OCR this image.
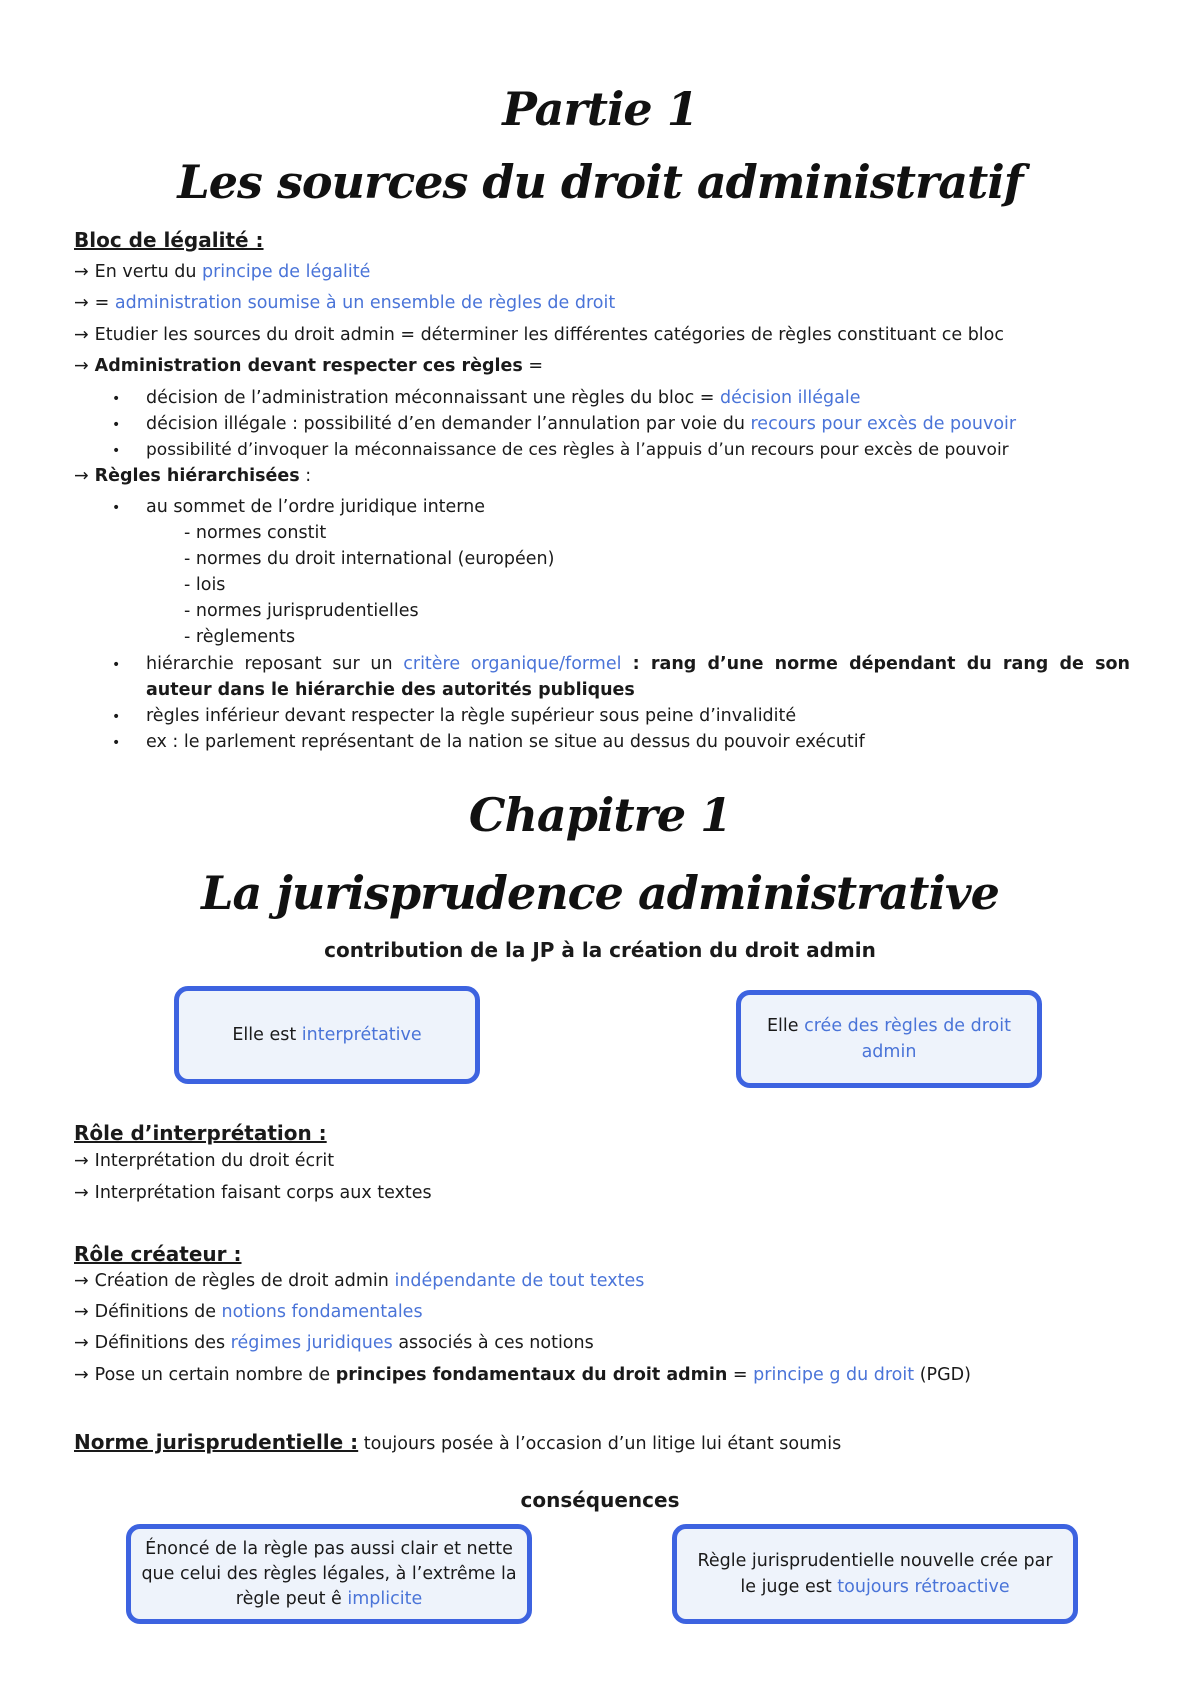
Partie 1
Les sources du droit administratif
Bloc de légalité :
→ En vertu du principe de légalité
→ = administration soumise à un ensemble de règles de droit
→ Etudier les sources du droit admin = déterminer les différentes catégories de règles constituant ce bloc
→ Administration devant respecter ces règles =
• décision de l’administration méconnaissant une règles du bloc = décision illégale
• décision illégale : possibilité d’en demander l’annulation par voie du recours pour excès de pouvoir
• possibilité d’invoquer la méconnaissance de ces règles à l’appuis d’un recours pour excès de pouvoir
→ Règles hiérarchisées :
• au sommet de l’ordre juridique interne
- normes constit
- normes du droit international (européen)
- lois
- normes jurisprudentielles
- règlements
• hiérarchie reposant sur un critère organique/formel : rang d’une norme dépendant du rang de son auteur dans le hiérarchie des autorités publiques
• règles inférieur devant respecter la règle supérieur sous peine d’invalidité
• ex : le parlement représentant de la nation se situe au dessus du pouvoir exécutif
Chapitre 1
La jurisprudence administrative
contribution de la JP à la création du droit admin
Elle est interprétative	Elle crée des règles de droit admin
Rôle d’interprétation :
→ Interprétation du droit écrit
→ Interprétation faisant corps aux textes
Rôle créateur :
→ Création de règles de droit admin indépendante de tout textes
→ Définitions de notions fondamentales
→ Définitions des régimes juridiques associés à ces notions
→ Pose un certain nombre de principes fondamentaux du droit admin = principe g du droit (PGD)
Norme jurisprudentielle : toujours posée à l’occasion d’un litige lui étant soumis
conséquences
Énoncé de la règle pas aussi clair et nette que celui des règles légales, à l’extrême la règle peut ê implicite
Règle jurisprudentielle nouvelle crée par le juge est toujours rétroactive
